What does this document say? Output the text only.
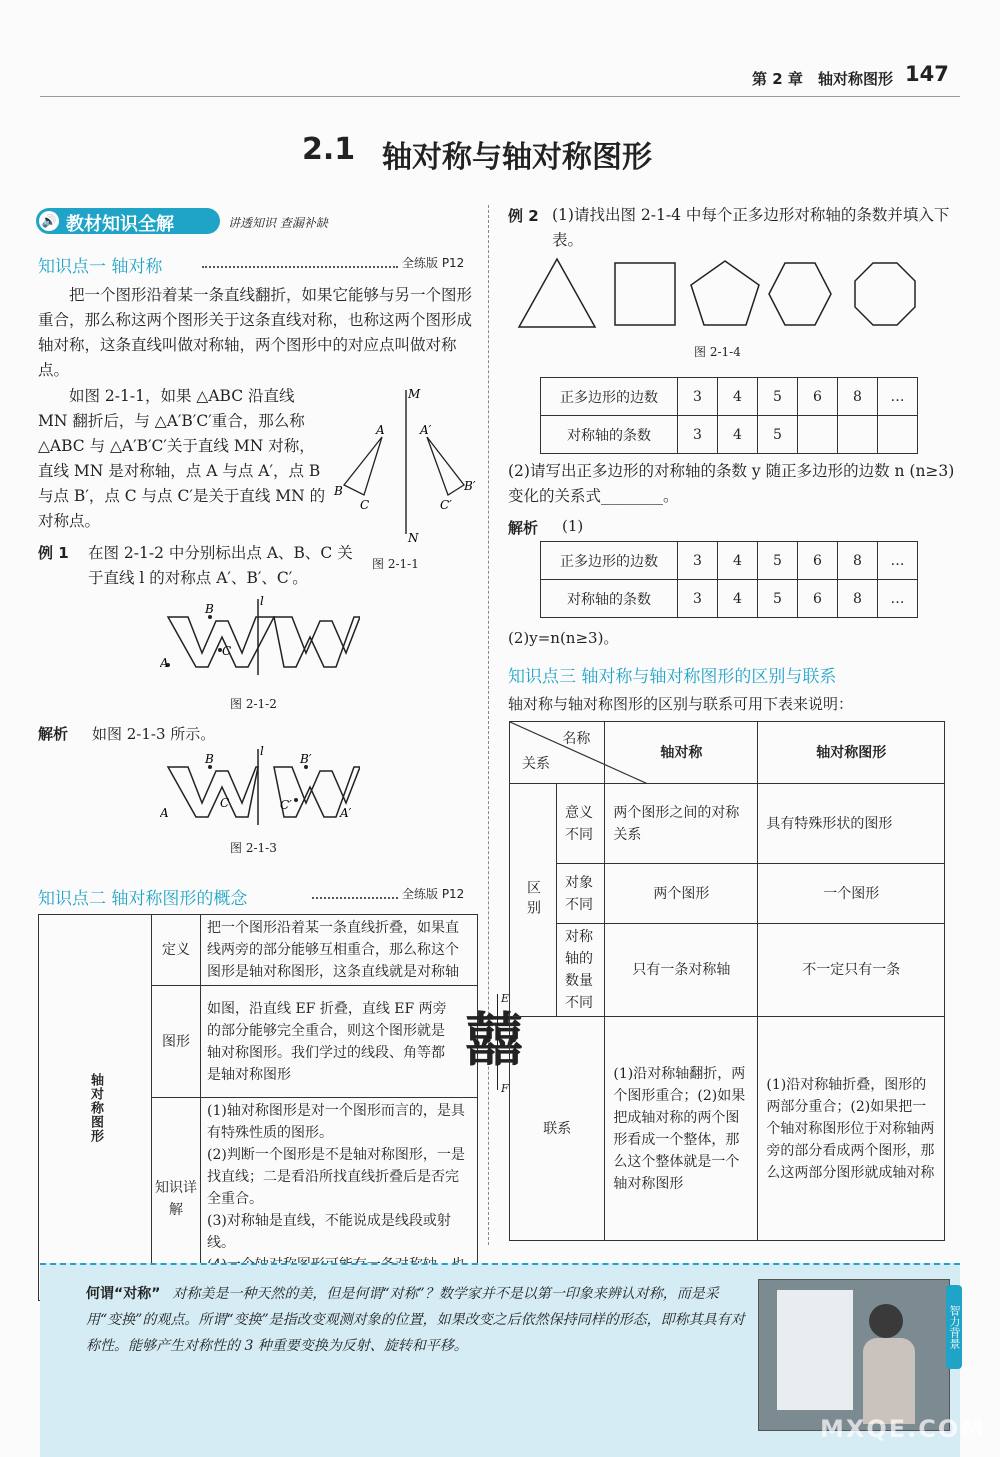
第 2 章 轴对称图形 147
2.1 轴对称与轴对称图形
🔊 教材知识全解	讲透知识 查漏补缺
知识点一 轴对称	全练版 P12
把一个图形沿着某一条直线翻折，如果它能够与另一个图形重合，那么称这两个图形关于这条直线对称，也称这两个图形成轴对称，这条直线叫做对称轴，两个图形中的对应点叫做对称点。
如图 2-1-1，如果 △ABC 沿直线 MN 翻折后，与 △A′B′C′重合，那么称 △ABC 与 △A′B′C′关于直线 MN 对称，直线 MN 是对称轴，点 A 与点 A′，点 B 与点 B′，点 C 与点 C′是关于直线 MN 的对称点。
M
N
A
B
C
A′
B′
C′
图 2-1-1
例 1 在图 2-1-2 中分别标出点 A、B、C 关于直线 l 的对称点 A′、B′、C′。
A
B
C
l
图 2-1-2
解析 如图 2-1-3 所示。
A
B
C
l
B′
C′
A′
图 2-1-3
知识点二 轴对称图形的概念	全练版 P12
轴对称图形	定义	把一个图形沿着某一条直线折叠，如果直线两旁的部分能够互相重合，那么称这个图形是轴对称图形，这条直线就是对称轴
	图形	如图，沿直线 EF 折叠，直线 EF 两旁的部分能够完全重合，则这个图形就是轴对称图形。我们学过的线段、角等都是轴对称图形
囍
E
F

	知识详解	(1)轴对称图形是对一个图形而言的，是具有特殊性质的图形。
(2)判断一个图形是不是轴对称图形，一是找直线；二是看沿所找直线折叠后是否完全重合。
(3)对称轴是直线，不能说成是线段或射线。
例 2 (1)请找出图 2-1-4 中每个正多边形对称轴的条数并填入下表。
图 2-1-4
正多边形的边数	3	4	5	6	8	…
对称轴的条数	3	4	5			
(2)请写出正多边形的对称轴的条数 y 随正多边形的边数 n (n≥3)变化的关系式________。
解析 (1)
正多边形的边数	3	4	5	6	8	…
对称轴的条数	3	4	5	6	8	…
(2)y=n(n≥3)。
知识点三 轴对称与轴对称图形的区别与联系
轴对称与轴对称图形的区别与联系可用下表来说明：
名称
关系		轴对称	轴对称图形
区别	意义不同	两个图形之间的对称关系	具有特殊形状的图形
	对象不同	两个图形	一个图形
	对称轴的数量不同	只有一条对称轴	不一定只有一条
联系		(1)沿对称轴翻折，两个图形重合；(2)如果把成轴对称的两个图形看成一个整体，那么这个整体就是一个轴对称图形	(1)沿对称轴折叠，图形的两部分重合；(2)如果把一个轴对称图形位于对称轴两旁的部分看成两个图形，那么这两部分图形就成轴对称
何谓“对称” 对称美是一种天然的美，但是何谓“对称”？数学家并不是以第一印象来辨认对称，而是采用“变换”的观点。所谓“变换”是指改变观测对象的位置，如果改变之后依然保持同样的形态，即称其具有对称性。能够产生对称性的 3 种重要变换为反射、旋转和平移。	智力背景
MXQE.COM
